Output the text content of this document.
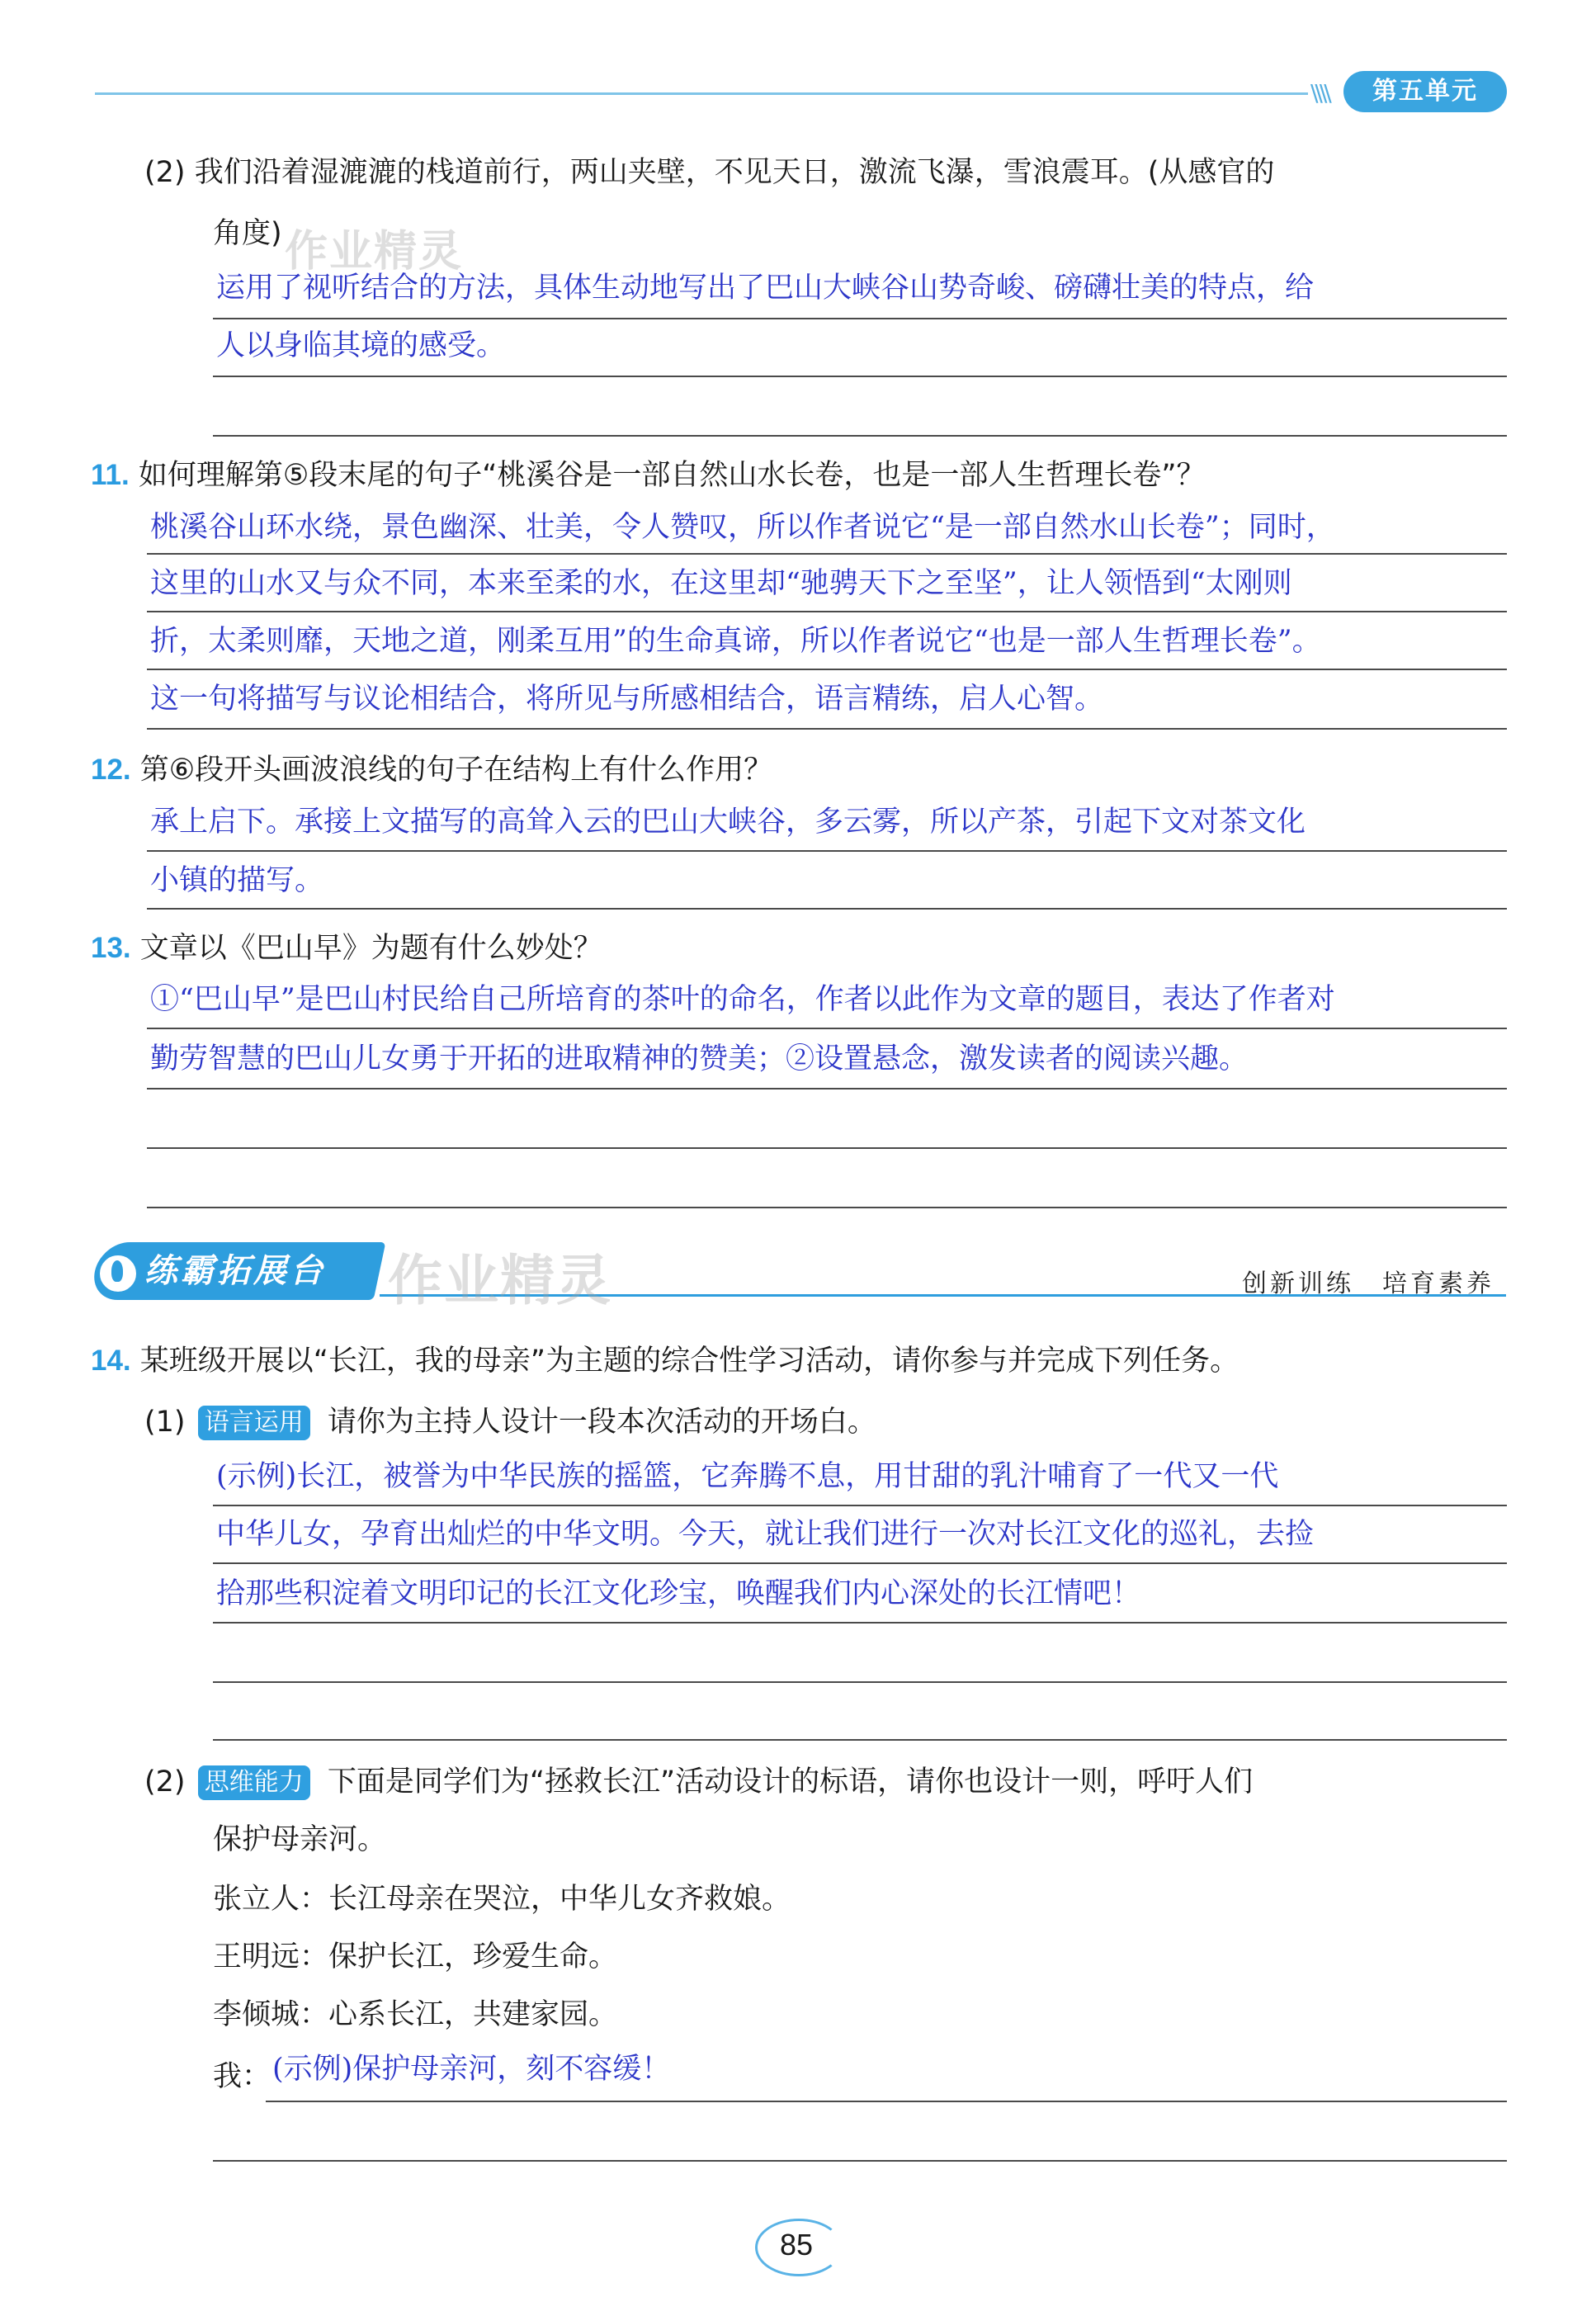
\\\\	第五单元
(2) 我们沿着湿漉漉的栈道前行，两山夹壁，不见天日，激流飞瀑，雪浪震耳。(从感官的
角度) 作业精灵
运用了视听结合的方法，具体生动地写出了巴山大峡谷山势奇峻、磅礴壮美的特点，给
人以身临其境的感受。
11. 如何理解第⑤段末尾的句子“桃溪谷是一部自然山水长卷，也是一部人生哲理长卷”？
桃溪谷山环水绕，景色幽深、壮美，令人赞叹，所以作者说它“是一部自然水山长卷”；同时，
这里的山水又与众不同，本来至柔的水，在这里却“驰骋天下之至坚”，让人领悟到“太刚则
折，太柔则靡，天地之道，刚柔互用”的生命真谛，所以作者说它“也是一部人生哲理长卷”。
这一句将描写与议论相结合，将所见与所感相结合，语言精练，启人心智。
12. 第⑥段开头画波浪线的句子在结构上有什么作用？
承上启下。承接上文描写的高耸入云的巴山大峡谷，多云雾，所以产茶，引起下文对茶文化
小镇的描写。
13. 文章以《巴山早》为题有什么妙处？
①“巴山早”是巴山村民给自己所培育的茶叶的命名，作者以此作为文章的题目，表达了作者对
勤劳智慧的巴山儿女勇于开拓的进取精神的赞美；②设置悬念，激发读者的阅读兴趣。
练霸拓展台 作业精灵	创新训练　培育素养
14. 某班级开展以“长江，我的母亲”为主题的综合性学习活动，请你参与并完成下列任务。
(1) 语言运用 请你为主持人设计一段本次活动的开场白。
(示例)长江，被誉为中华民族的摇篮，它奔腾不息，用甘甜的乳汁哺育了一代又一代
中华儿女，孕育出灿烂的中华文明。今天，就让我们进行一次对长江文化的巡礼，去捡
拾那些积淀着文明印记的长江文化珍宝，唤醒我们内心深处的长江情吧！
(2) 思维能力 下面是同学们为“拯救长江”活动设计的标语，请你也设计一则，呼吁人们
保护母亲河。
张立人：长江母亲在哭泣，中华儿女齐救娘。
王明远：保护长江，珍爱生命。
李倾城：心系长江，共建家园。
我： (示例)保护母亲河，刻不容缓！
85
